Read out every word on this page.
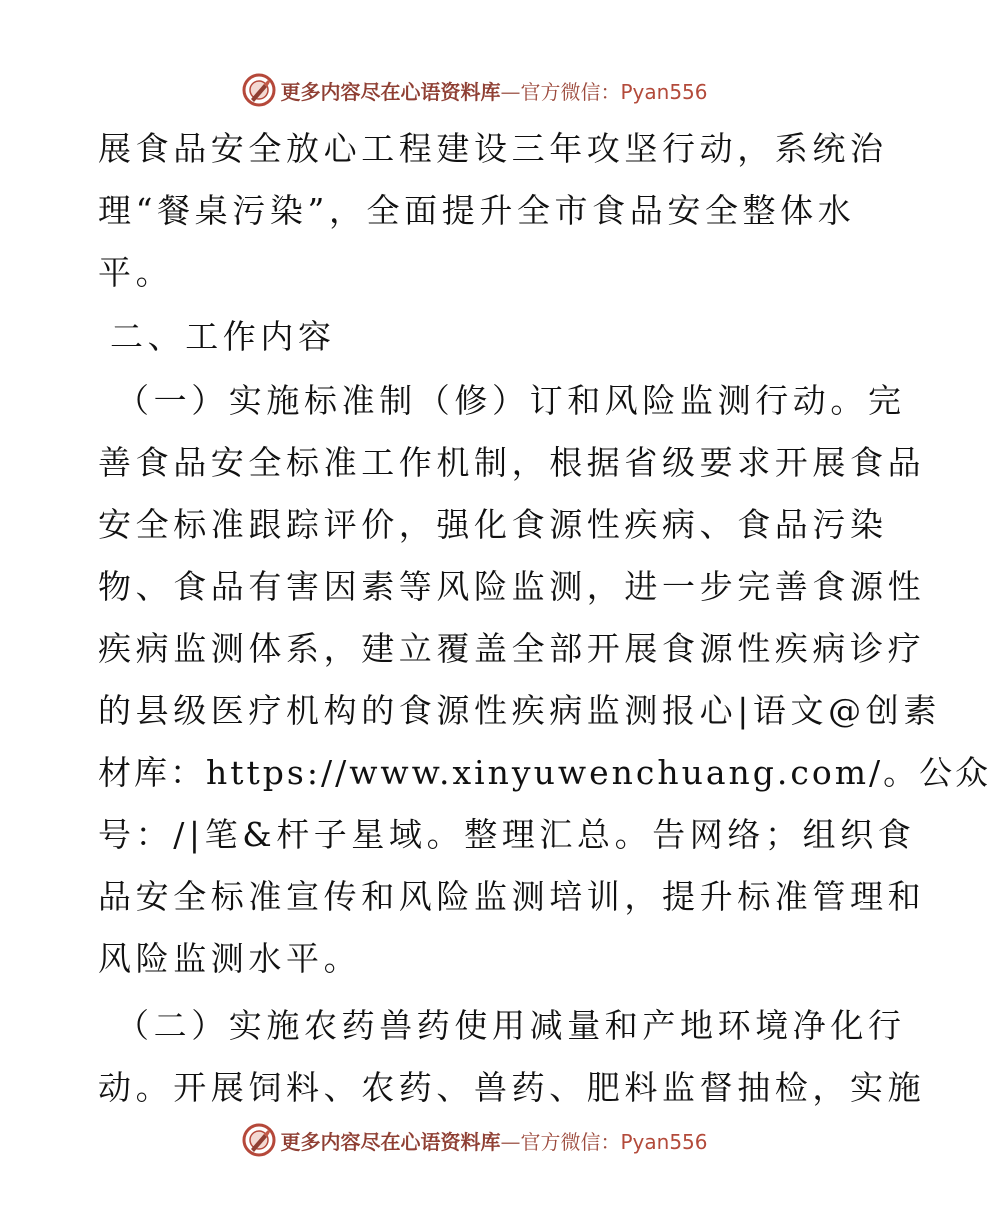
更多内容尽在心语资料库—官方微信：Pyan556
展食品安全放心工程建设三年攻坚行动，系统治
理“餐桌污染”，全面提升全市食品安全整体水
平。
二、工作内容
（一）实施标准制（修）订和风险监测行动。完
善食品安全标准工作机制，根据省级要求开展食品
安全标准跟踪评价，强化食源性疾病、食品污染
物、食品有害因素等风险监测，进一步完善食源性
疾病监测体系，建立覆盖全部开展食源性疾病诊疗
的县级医疗机构的食源性疾病监测报心|语文@创素
材库：https://www.xinyuwenchuang.com/。公众
号：/|笔&杆子星域。整理汇总。告网络；组织食
品安全标准宣传和风险监测培训，提升标准管理和
风险监测水平。
（二）实施农药兽药使用减量和产地环境净化行
动。开展饲料、农药、兽药、肥料监督抽检，实施
更多内容尽在心语资料库—官方微信：Pyan556
